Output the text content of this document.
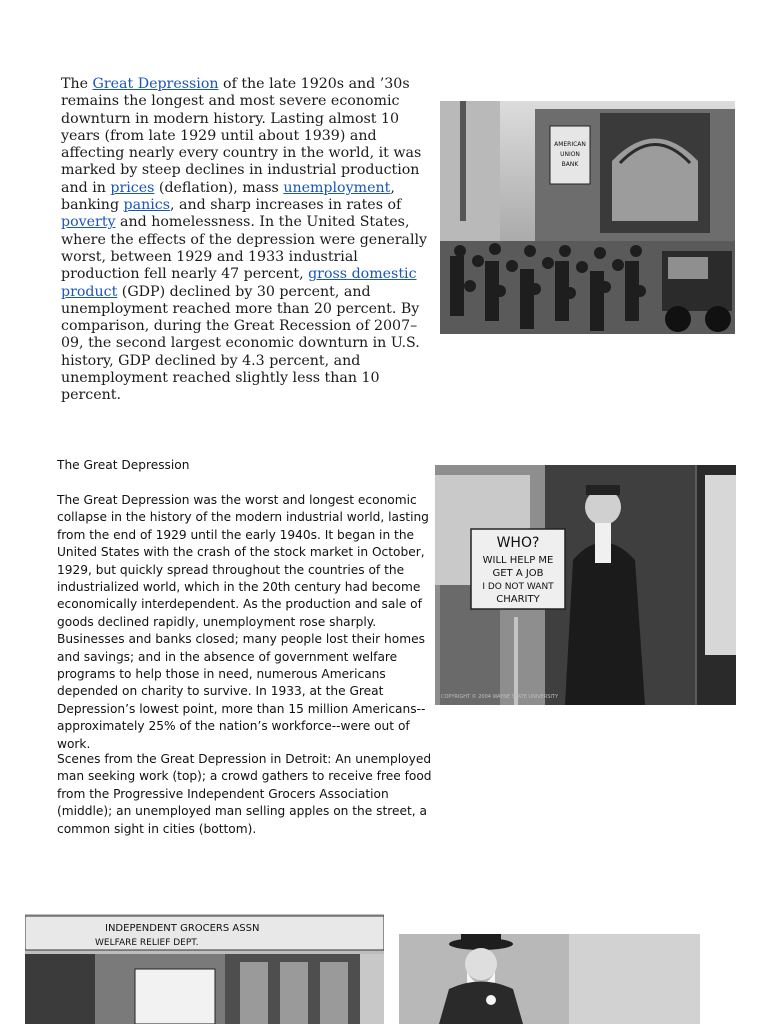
The Great Depression of the late 1920s and ’30s remains the longest and most severe economic downturn in modern history. Lasting almost 10 years (from late 1929 until about 1939) and affecting nearly every country in the world, it was marked by steep declines in industrial production and in prices (deflation), mass unemployment, banking panics, and sharp increases in rates of poverty and homelessness. In the United States, where the effects of the depression were generally worst, between 1929 and 1933 industrial production fell nearly 47 percent, gross domestic product (GDP) declined by 30 percent, and unemployment reached more than 20 percent. By comparison, during the Great Recession of 2007–09, the second largest economic downturn in U.S. history, GDP declined by 4.3 percent, and unemployment reached slightly less than 10 percent.

AMERICAN
UNION
BANK

The Great Depression

The Great Depression was the worst and longest economic collapse in the history of the modern industrial world, lasting from the end of 1929 until the early 1940s. It began in the United States with the crash of the stock market in October, 1929, but quickly spread throughout the countries of the industrialized world, which in the 20th century had become economically interdependent. As the production and sale of goods declined rapidly, unemployment rose sharply. Businesses and banks closed; many people lost their homes and savings; and in the absence of government welfare programs to help those in need, numerous Americans depended on charity to survive. In 1933, at the Great Depression’s lowest point, more than 15 million Americans--approximately 25% of the nation’s workforce--were out of work.

Scenes from the Great Depression in Detroit: An unemployed man seeking work (top); a crowd gathers to receive free food from the Progressive Independent Grocers Association (middle); an unemployed man selling apples on the street, a common sight in cities (bottom).

WHO?
WILL HELP ME
GET A JOB
I DO NOT WANT
CHARITY
COPYRIGHT © 2004 WAYNE STATE UNIVERSITY
INDEPENDENT GROCERS ASSN
WELFARE RELIEF DEPT.
